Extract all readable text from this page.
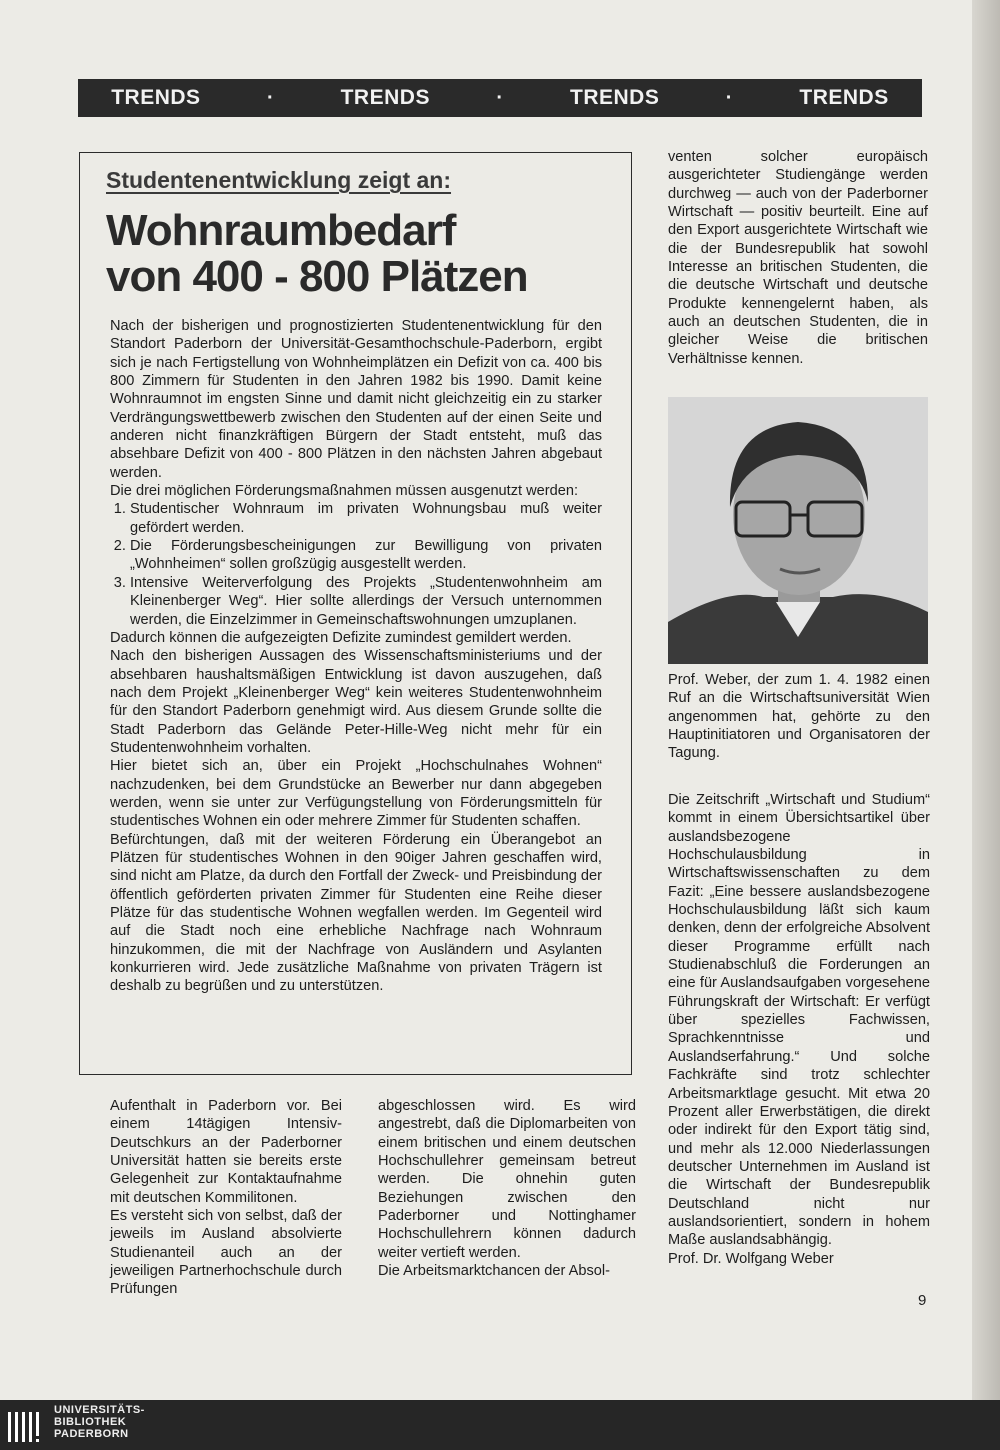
TRENDS	·	TRENDS	·	TRENDS	·	TRENDS
Studentenentwicklung zeigt an:
Wohnraumbedarf
von 400 - 800 Plätzen

Nach der bisherigen und prognostizierten Studentenentwicklung für den Standort Paderborn der Universität-Gesamthochschule-Paderborn, ergibt sich je nach Fertigstellung von Wohnheimplätzen ein Defizit von ca. 400 bis 800 Zimmern für Studenten in den Jahren 1982 bis 1990. Damit keine Wohnraumnot im engsten Sinne und damit nicht gleichzeitig ein zu starker Verdrängungswettbewerb zwischen den Studenten auf der einen Seite und anderen nicht finanzkräftigen Bürgern der Stadt entsteht, muß das absehbare Defizit von 400 - 800 Plätzen in den nächsten Jahren abgebaut werden.

Die drei möglichen Förderungsmaßnahmen müssen ausgenutzt werden:

1. Studentischer Wohnraum im privaten Wohnungsbau muß weiter gefördert werden.
2. Die Förderungsbescheinigungen zur Bewilligung von privaten „Wohnheimen“ sollen großzügig ausgestellt werden.
3. Intensive Weiterverfolgung des Projekts „Studentenwohnheim am Kleinenberger Weg“. Hier sollte allerdings der Versuch unternommen werden, die Einzelzimmer in Gemeinschaftswohnungen umzuplanen.

Dadurch können die aufgezeigten Defizite zumindest gemildert werden.

Nach den bisherigen Aussagen des Wissenschaftsministeriums und der absehbaren haushaltsmäßigen Entwicklung ist davon auszugehen, daß nach dem Projekt „Kleinenberger Weg“ kein weiteres Studentenwohnheim für den Standort Paderborn genehmigt wird. Aus diesem Grunde sollte die Stadt Paderborn das Gelände Peter-Hille-Weg nicht mehr für ein Studentenwohnheim vorhalten.

Hier bietet sich an, über ein Projekt „Hochschulnahes Wohnen“ nachzudenken, bei dem Grundstücke an Bewerber nur dann abgegeben werden, wenn sie unter zur Verfügungstellung von Förderungsmitteln für studentisches Wohnen ein oder mehrere Zimmer für Studenten schaffen.

Befürchtungen, daß mit der weiteren Förderung ein Überangebot an Plätzen für studentisches Wohnen in den 90iger Jahren geschaffen wird, sind nicht am Platze, da durch den Fortfall der Zweck- und Preisbindung der öffentlich geförderten privaten Zimmer für Studenten eine Reihe dieser Plätze für das studentische Wohnen wegfallen werden. Im Gegenteil wird auf die Stadt noch eine erhebliche Nachfrage nach Wohnraum hinzukommen, die mit der Nachfrage von Ausländern und Asylanten konkurrieren wird. Jede zusätzliche Maßnahme von privaten Trägern ist deshalb zu begrüßen und zu unterstützen.

Aufenthalt in Paderborn vor. Bei einem 14tägigen Intensiv-Deutschkurs an der Paderborner Universität hatten sie bereits erste Gelegenheit zur Kontaktaufnahme mit deutschen Kommilitonen.

Es versteht sich von selbst, daß der jeweils im Ausland absolvierte Studienanteil auch an der jeweiligen Partnerhochschule durch Prüfungen

abgeschlossen wird. Es wird angestrebt, daß die Diplomarbeiten von einem britischen und einem deutschen Hochschullehrer gemeinsam betreut werden. Die ohnehin guten Beziehungen zwischen den Paderborner und Nottinghamer Hochschullehrern können dadurch weiter vertieft werden.

Die Arbeitsmarktchancen der Absol-

venten solcher europäisch ausgerichteter Studiengänge werden durchweg — auch von der Paderborner Wirtschaft — positiv beurteilt. Eine auf den Export ausgerichtete Wirtschaft wie die der Bundesrepublik hat sowohl Interesse an britischen Studenten, die die deutsche Wirtschaft und deutsche Produkte kennengelernt haben, als auch an deutschen Studenten, die in gleicher Weise die britischen Verhältnisse kennen.

Prof. Weber, der zum 1. 4. 1982 einen Ruf an die Wirtschaftsuniversität Wien angenommen hat, gehörte zu den Hauptinitiatoren und Organisatoren der Tagung.

Die Zeitschrift „Wirtschaft und Studium“ kommt in einem Übersichtsartikel über auslandsbezogene Hochschulausbildung in Wirtschaftswissenschaften zu dem Fazit: „Eine bessere auslandsbezogene Hochschulausbildung läßt sich kaum denken, denn der erfolgreiche Absolvent dieser Programme erfüllt nach Studienabschluß die Forderungen an eine für Auslandsaufgaben vorgesehene Führungskraft der Wirtschaft: Er verfügt über spezielles Fachwissen, Sprachkenntnisse und Auslandserfahrung.“ Und solche Fachkräfte sind trotz schlechter Arbeitsmarktlage gesucht. Mit etwa 20 Prozent aller Erwerbstätigen, die direkt oder indirekt für den Export tätig sind, und mehr als 12.000 Niederlassungen deutscher Unternehmen im Ausland ist die Wirtschaft der Bundesrepublik Deutschland nicht nur auslandsorientiert, sondern in hohem Maße auslandsabhängig.

Prof. Dr. Wolfgang Weber

9
UNIVERSITÄTS-
BIBLIOTHEK
PADERBORN
